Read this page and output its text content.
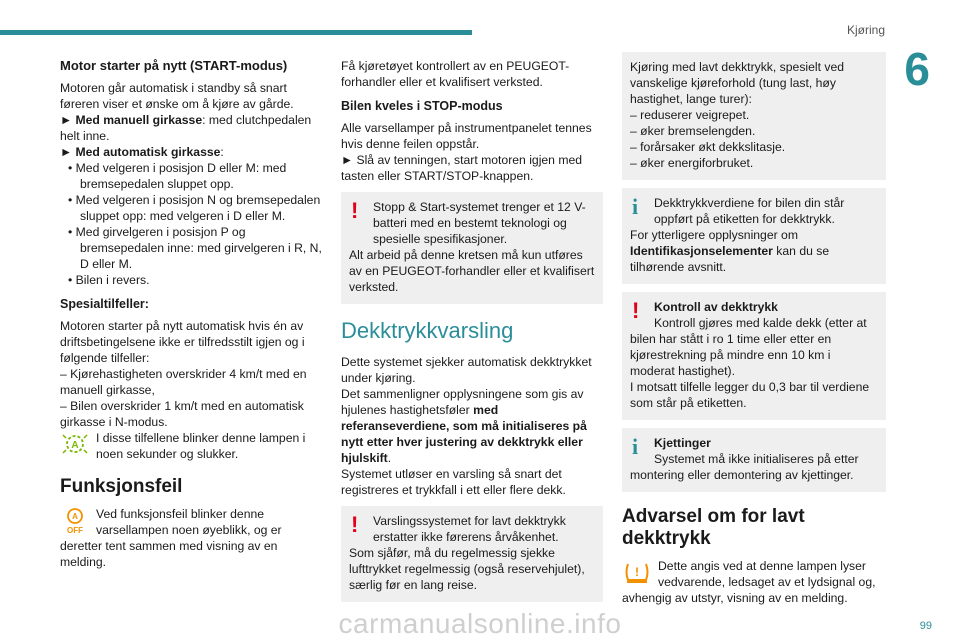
Kjøring
6
99

Motor starter på nytt (START-modus)

Motoren går automatisk i standby så snart føreren viser et ønske om å kjøre av gårde.

► Med manuell girkasse: med clutchpedalen helt inne.

► Med automatisk girkasse:

• Med velgeren i posisjon D eller M: med bremsepedalen sluppet opp.

• Med velgeren i posisjon N og bremsepedalen sluppet opp: med velgeren i D eller M.

• Med girvelgeren i posisjon P og bremsepedalen inne: med girvelgeren i R, N, D eller M.

• Bilen i revers.

Spesialtilfeller:

Motoren starter på nytt automatisk hvis én av driftsbetingelsene ikke er tilfredsstilt igjen og i følgende tilfeller:

– Kjørehastigheten overskrider 4 km/t med en manuell girkasse,

– Bilen overskrider 1 km/t med en automatisk girkasse i N-modus.

A
I disse tilfellene blinker denne lampen i noen sekunder og slukker.

Funksjonsfeil

A
OFF
Ved funksjonsfeil blinker denne varsellampen noen øyeblikk, og er deretter tent sammen med visning av en melding.

Få kjøretøyet kontrollert av en PEUGEOT-forhandler eller et kvalifisert verksted.

Bilen kveles i STOP-modus

Alle varsellamper på instrumentpanelet tennes hvis denne feilen oppstår.

► Slå av tenningen, start motoren igjen med tasten eller START/STOP-knappen.

!	Stopp & Start-systemet trenger et 12 V-batteri med en bestemt teknologi og spesielle spesifikasjoner.

Alt arbeid på denne kretsen må kun utføres av en PEUGEOT-forhandler eller et kvalifisert verksted.

Dekktrykkvarsling

Dette systemet sjekker automatisk dekktrykket under kjøring.

Det sammenligner opplysningene som gis av hjulenes hastighetsføler med referanseverdiene, som må initialiseres på nytt etter hver justering av dekktrykk eller hjulskift.

Systemet utløser en varsling så snart det registreres et trykkfall i ett eller flere dekk.

!	Varslingssystemet for lavt dekktrykk erstatter ikke førerens årvåkenhet.

Som sjåfør, må du regelmessig sjekke lufttrykket regelmessig (også reservehjulet), særlig før en lang reise.

Kjøring med lavt dekktrykk, spesielt ved vanskelige kjøreforhold (tung last, høy hastighet, lange turer):

– reduserer veigrepet.

– øker bremselengden.

– forårsaker økt dekkslitasje.

– øker energiforbruket.

i	Dekktrykkverdiene for bilen din står oppført på etiketten for dekktrykk.

For ytterligere opplysninger om Identifikasjonselementer kan du se tilhørende avsnitt.

!	Kontroll av dekktrykk

Kontroll gjøres med kalde dekk (etter at bilen har stått i ro 1 time eller etter en kjørestrekning på mindre enn 10 km i moderat hastighet).

I motsatt tilfelle legger du 0,3 bar til verdiene som står på etiketten.

i	Kjettinger

Systemet må ikke initialiseres på etter montering eller demontering av kjettinger.

Advarsel om for lavt dekktrykk

! Dette angis ved at denne lampen lyser vedvarende, ledsaget av et lydsignal og, avhengig av utstyr, visning av en melding.
carmanualsonline.info
